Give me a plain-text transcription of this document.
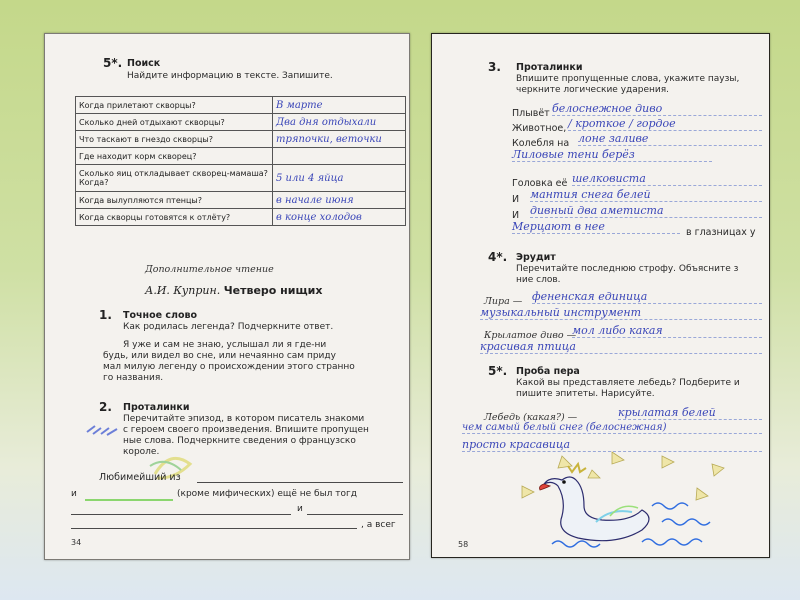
5*. Поиск
Найдите информацию в тексте. Запишите.
Когда прилетают скворцы?	В марте
Сколько дней отдыхают скворцы?	Два дня отдыхали
Что таскают в гнездо скворцы?	тряпочки, веточки
Где находит корм скворец?	
Сколько яиц откладывает скворец-мамаша? Когда?	5 или 4 яйца
Когда вылупляются птенцы?	в начале июня
Когда скворцы готовятся к отлёту?	в конце холодов
Дополнительное чтение
А.И. Куприн. Четверо нищих
1. Точное слово
Как родилась легенда? Подчеркните ответ.
Я уже и сам не знаю, услышал ли я где-ни
будь, или видел во сне, или нечаянно сам приду
мал милую легенду о происхождении этого странно
го названия.
2. Проталинки
Перечитайте эпизод, в котором писатель знакоми
с героем своего произведения. Впишите пропущен
ные слова. Подчеркните сведения о французско
короле.
Любимейший из
и	(кроме мифических) ещё не был тогд
и
, а всег
34
3. Проталинки
Впишите пропущенные слова, укажите паузы,
черкните логические ударения.
Плывёт белоснежное диво
Животное, / кроткое / гордое
Колебля на лоне заливе
Лиловые тени берёз
Головка её шелковиста
И мантия снега белей
И дивный два аметиста
Мерцают в нее	в глазницах у
4*. Эрудит
Перечитайте последнюю строфу. Объясните з
ние слов.
Лира — фененская единица
музыкальный инструмент
Крылатое диво —
мол либо какая
красивая птица
5*. Проба пера
Какой вы представляете лебедь? Подберите и
пишите эпитеты. Нарисуйте.
Лебедь (какая?) —	крылатая белей
чем самый белый снег (белоснежная)
просто красавица
58
